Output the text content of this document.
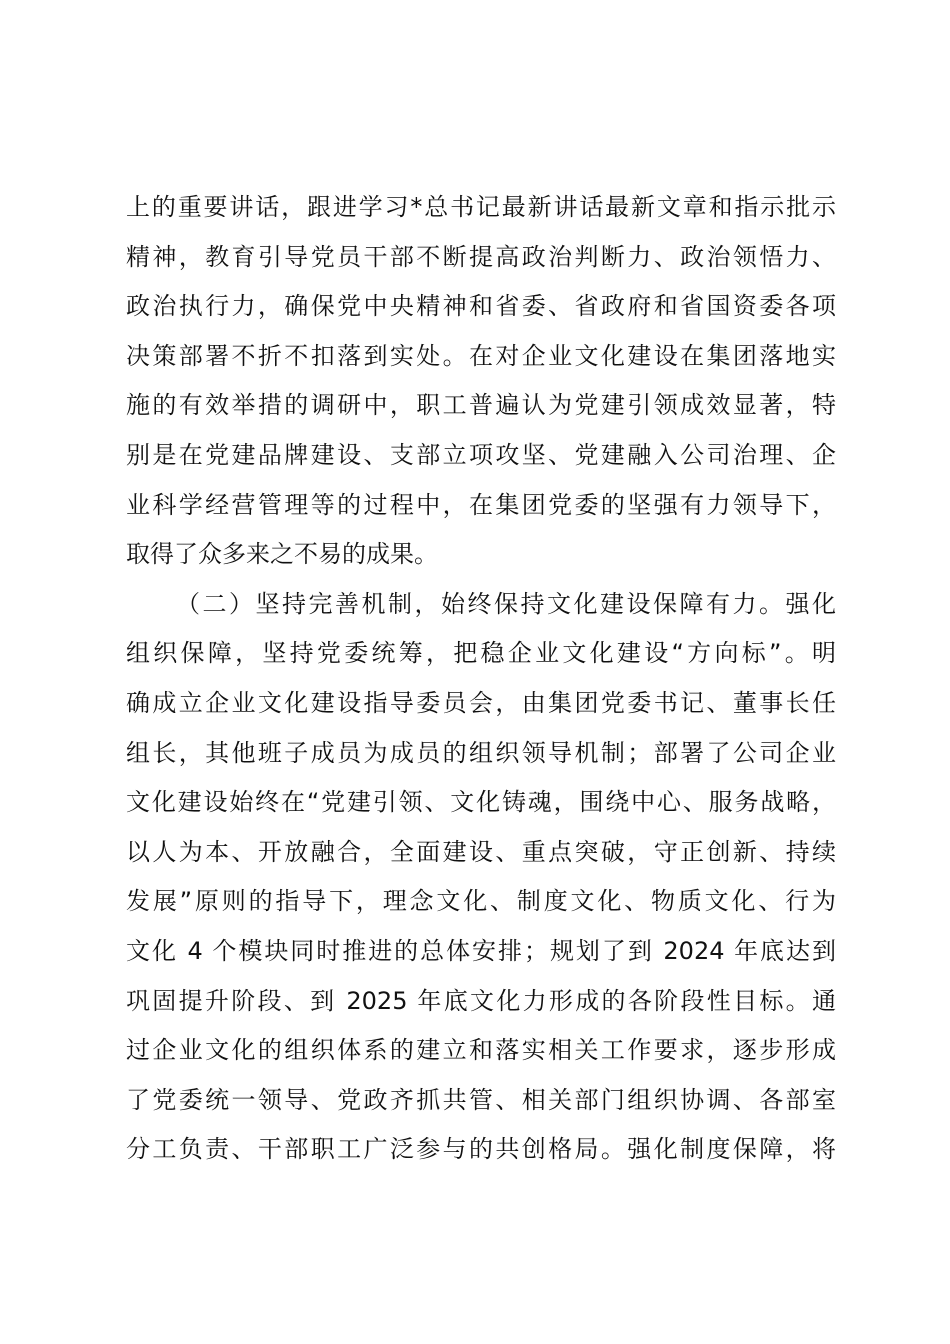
上的重要讲话，跟进学习*总书记最新讲话最新文章和指示批示
精神，教育引导党员干部不断提高政治判断力、政治领悟力、
政治执行力，确保党中央精神和省委、省政府和省国资委各项
决策部署不折不扣落到实处。在对企业文化建设在集团落地实
施的有效举措的调研中，职工普遍认为党建引领成效显著，特
别是在党建品牌建设、支部立项攻坚、党建融入公司治理、企
业科学经营管理等的过程中，在集团党委的坚强有力领导下，
取得了众多来之不易的成果。
（二）坚持完善机制，始终保持文化建设保障有力。强化
组织保障，坚持党委统筹，把稳企业文化建设“方向标”。明
确成立企业文化建设指导委员会，由集团党委书记、董事长任
组长，其他班子成员为成员的组织领导机制；部署了公司企业
文化建设始终在“党建引领、文化铸魂，围绕中心、服务战略，
以人为本、开放融合，全面建设、重点突破，守正创新、持续
发展”原则的指导下，理念文化、制度文化、物质文化、行为
文化 4 个模块同时推进的总体安排；规划了到 2024 年底达到
巩固提升阶段、到 2025 年底文化力形成的各阶段性目标。通
过企业文化的组织体系的建立和落实相关工作要求，逐步形成
了党委统一领导、党政齐抓共管、相关部门组织协调、各部室
分工负责、干部职工广泛参与的共创格局。强化制度保障，将
